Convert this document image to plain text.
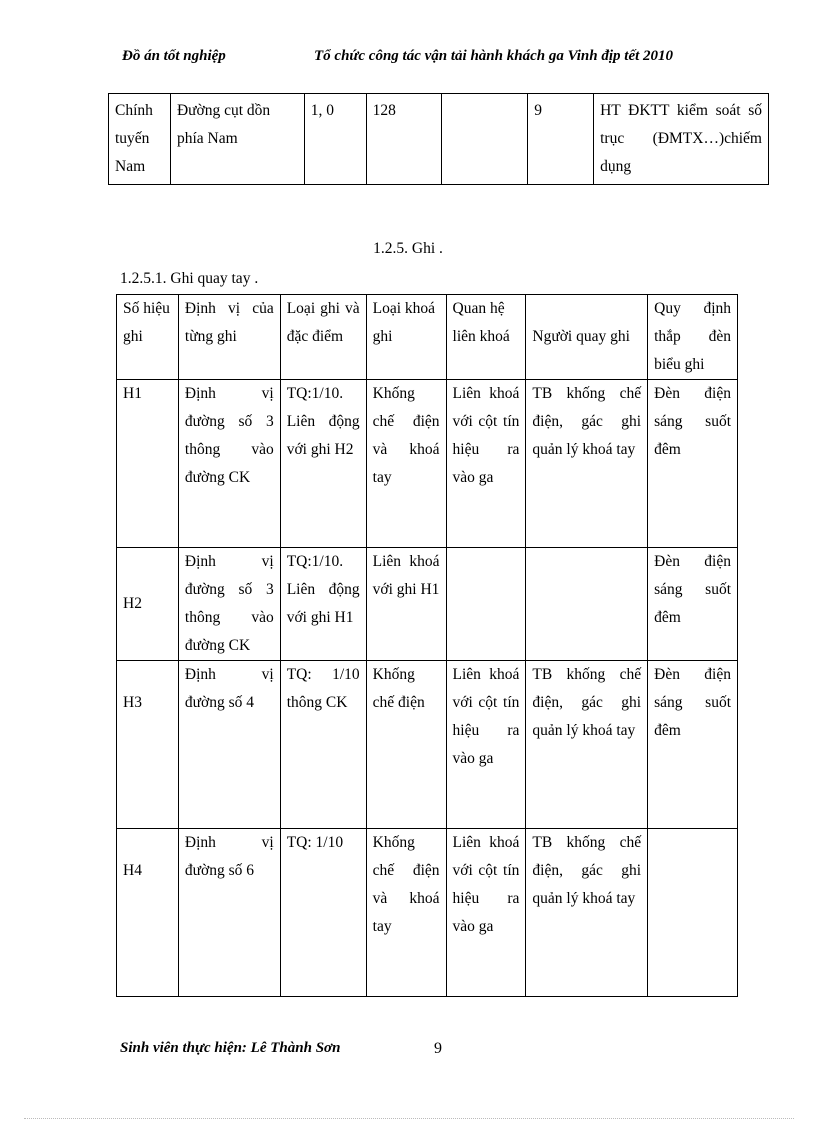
Đồ án tốt nghiệp	Tổ chức công tác vận tải hành khách ga Vinh địp tết 2010
Chính tuyến Nam	Đường cụt dồn phía Nam	1, 0	128		9	HT ĐKTT kiểm soát số trục (ĐMTX…)chiếm dụng
1.2.5. Ghi .
1.2.5.1. Ghi quay tay .
Số hiệu ghi	Định vị của từng ghi	Loại ghi và đặc điểm	Loại khoá ghi	Quan hệ liên khoá	Người quay ghi	Quy định thắp đèn biểu ghi
H1	Định vị đường số 3 thông vào đường CK	TQ:1/10. Liên động với ghi H2	Khống chế điện và khoá tay	Liên khoá với cột tín hiệu ra vào ga	TB khống chế điện, gác ghi quản lý khoá tay	Đèn điện sáng suốt đêm
H2	Định vị đường số 3 thông vào đường CK	TQ:1/10. Liên động với ghi H1	Liên khoá với ghi H1			Đèn điện sáng suốt đêm
H3	Định vị đường số 4	TQ: 1/10 thông CK	Khống chế điện	Liên khoá với cột tín hiệu ra vào ga	TB khống chế điện, gác ghi quản lý khoá tay	Đèn điện sáng suốt đêm
H4	Định vị đường số 6	TQ: 1/10	Khống chế điện và khoá tay	Liên khoá với cột tín hiệu ra vào ga	TB khống chế điện, gác ghi quản lý khoá tay	
Sinh viên thực hiện: Lê Thành Sơn	9
